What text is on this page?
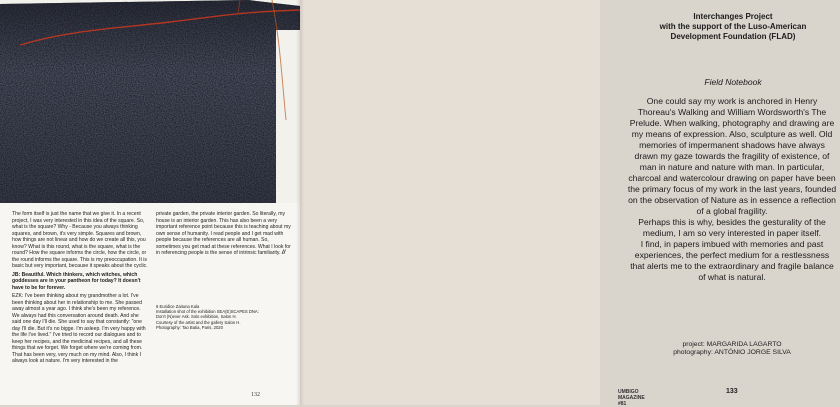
The form itself is just the name that we give it. In a recent project, I was very interested in this idea of the square. So, what is the square? Why - Because you always thinking squares, and brown, it's very simple. Squares and brown, how things are not linear and how do we create all this, you know? What is this round, what is the square, what is the round? How the square informs the circle, how the circle, or the round informs the square. This is my preoccupation. It is basic but very important, because it speaks about the cyclic.

JB: Beautiful. Which thinkers, which witches, which goddesses are in your pantheon for today? It doesn't have to be for forever.

EZK: I've been thinking about my grandmother a lot. I've been thinking about her in relationship to me. She passed away almost a year ago. I think she's been my reference. We always had this conversation around death. And she said one day I'll die. She used to say that constantly: "one day I'll die. But it's no bigge. I'm asleep. I'm very happy with the life I've lived." I've tried to record our dialogues and to keep her recipes, and the medicinal recipes, and all these things that we forget. We forget where we're coming from. That has been very, very much on my mind. Also, I think I always look at nature. I'm very interested in the

private garden, the private interior garden. So literally, my house is an interior garden. This has also been a very important reference point because this is teaching about my own sense of humanity. I read people and I get mad with people because the references are all human. So, sometimes you get mad at these references. What I look for in referencing people is the sense of intrinsic familiarity. //

6 Euridice Zaituna Kala
Installation shot of the exhibition SEA(E)SCAPES DNA:
Don't (N)ever Ask. Solo exhibition, Salon H.
Courtesy of the artist and the gallery Salon H.
Photography: Tao Batia, Paris, 2020
132
Interchanges Project
with the support of the Luso-American
Development Foundation (FLAD)
Field Notebook

One could say my work is anchored in Henry Thoreau's Walking and William Wordsworth's The Prelude. When walking, photography and drawing are my means of expression. Also, sculpture as well. Old memories of impermanent shadows have always drawn my gaze towards the fragility of existence, of man in nature and nature with man. In particular, charcoal and watercolour drawing on paper have been the primary focus of my work in the last years, founded on the observation of Nature as in essence a reflection of a global fragility.

Perhaps this is why, besides the gesturality of the medium, I am so very interested in paper itself.

I find, in papers imbued with memories and past experiences, the perfect medium for a restlessness that alerts me to the extraordinary and fragile balance of what is natural.

project: MARGARIDA LAGARTO

photography: ANTÓNIO JORGE SILVA

UMBIGO MAGAZINE #81
133
